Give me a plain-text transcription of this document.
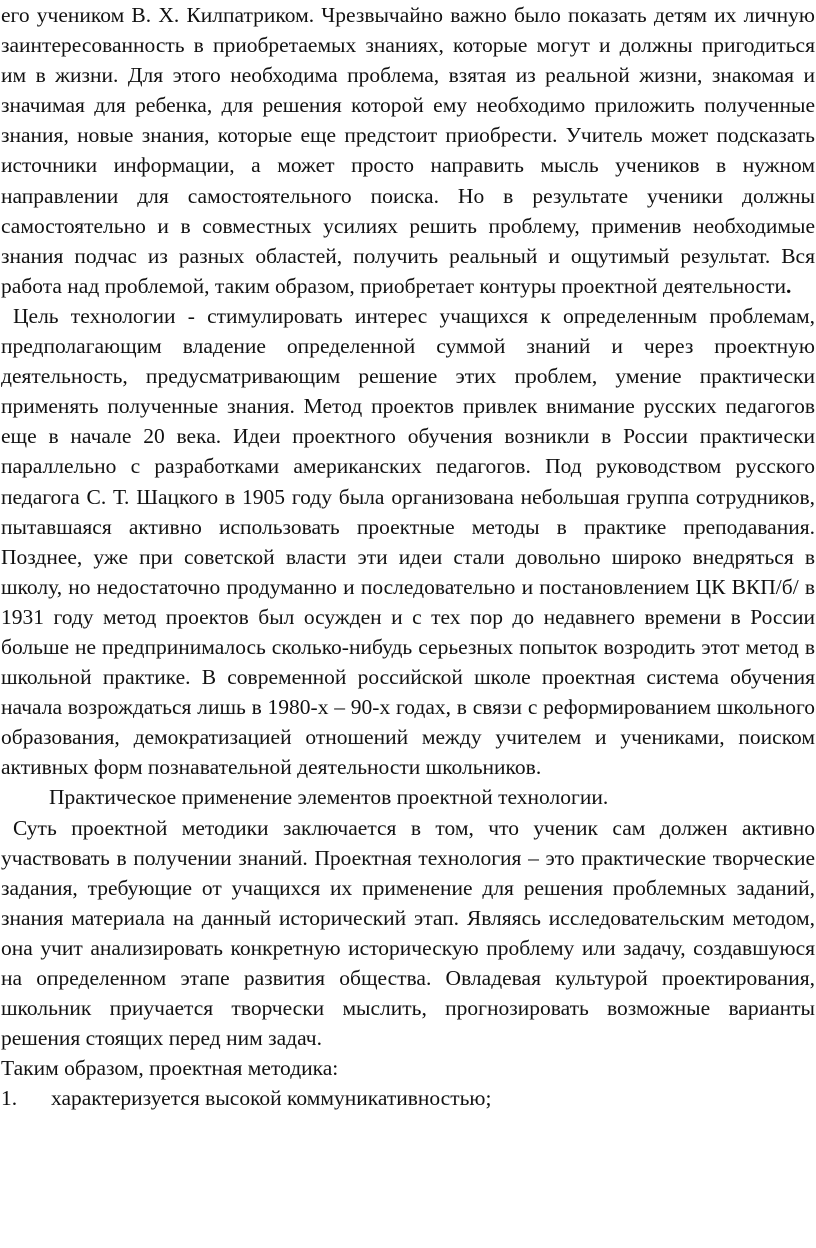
его учеником В. Х. Килпатриком. Чрезвычайно важно было показать детям их личную заинтересованность в приобретаемых знаниях, которые могут и должны пригодиться им в жизни. Для этого необходима проблема, взятая из реальной жизни, знакомая и значимая для ребенка, для решения которой ему необходимо приложить полученные знания, новые знания, которые еще предстоит приобрести. Учитель может подсказать источники информации, а может просто направить мысль учеников в нужном направлении для самостоятельного поиска. Но в результате ученики должны самостоятельно и в совместных усилиях решить проблему, применив необходимые знания подчас из разных областей, получить реальный и ощутимый результат. Вся работа над проблемой, таким образом, приобретает контуры проектной деятельности.

Цель технологии - стимулировать интерес учащихся к определенным проблемам, предполагающим владение определенной суммой знаний и через проектную деятельность, предусматривающим решение этих проблем, умение практически применять полученные знания. Метод проектов привлек внимание русских педагогов еще в начале 20 века. Идеи проектного обучения возникли в России практически параллельно с разработками американских педагогов. Под руководством русского педагога С. Т. Шацкого в 1905 году была организована небольшая группа сотрудников, пытавшаяся активно использовать проектные методы в практике преподавания. Позднее, уже при советской власти эти идеи стали довольно широко внедряться в школу, но недостаточно продуманно и последовательно и постановлением ЦК ВКП/б/ в 1931 году метод проектов был осужден и с тех пор до недавнего времени в России больше не предпринималось сколько-нибудь серьезных попыток возродить этот метод в школьной практике. В современной российской школе проектная система обучения начала возрождаться лишь в 1980-х – 90-х годах, в связи с реформированием школьного образования, демократизацией отношений между учителем и учениками, поиском активных форм познавательной деятельности школьников.

Практическое применение элементов проектной технологии.

Суть проектной методики заключается в том, что ученик сам должен активно участвовать в получении знаний. Проектная технология – это практические творческие задания, требующие от учащихся их применение для решения проблемных заданий, знания материала на данный исторический этап. Являясь исследовательским методом, она учит анализировать конкретную историческую проблему или задачу, создавшуюся на определенном этапе развития общества. Овладевая культурой проектирования, школьник приучается творчески мыслить, прогнозировать возможные варианты решения стоящих перед ним задач.

Таким образом, проектная методика:

1.	характеризуется высокой коммуникативностью;
